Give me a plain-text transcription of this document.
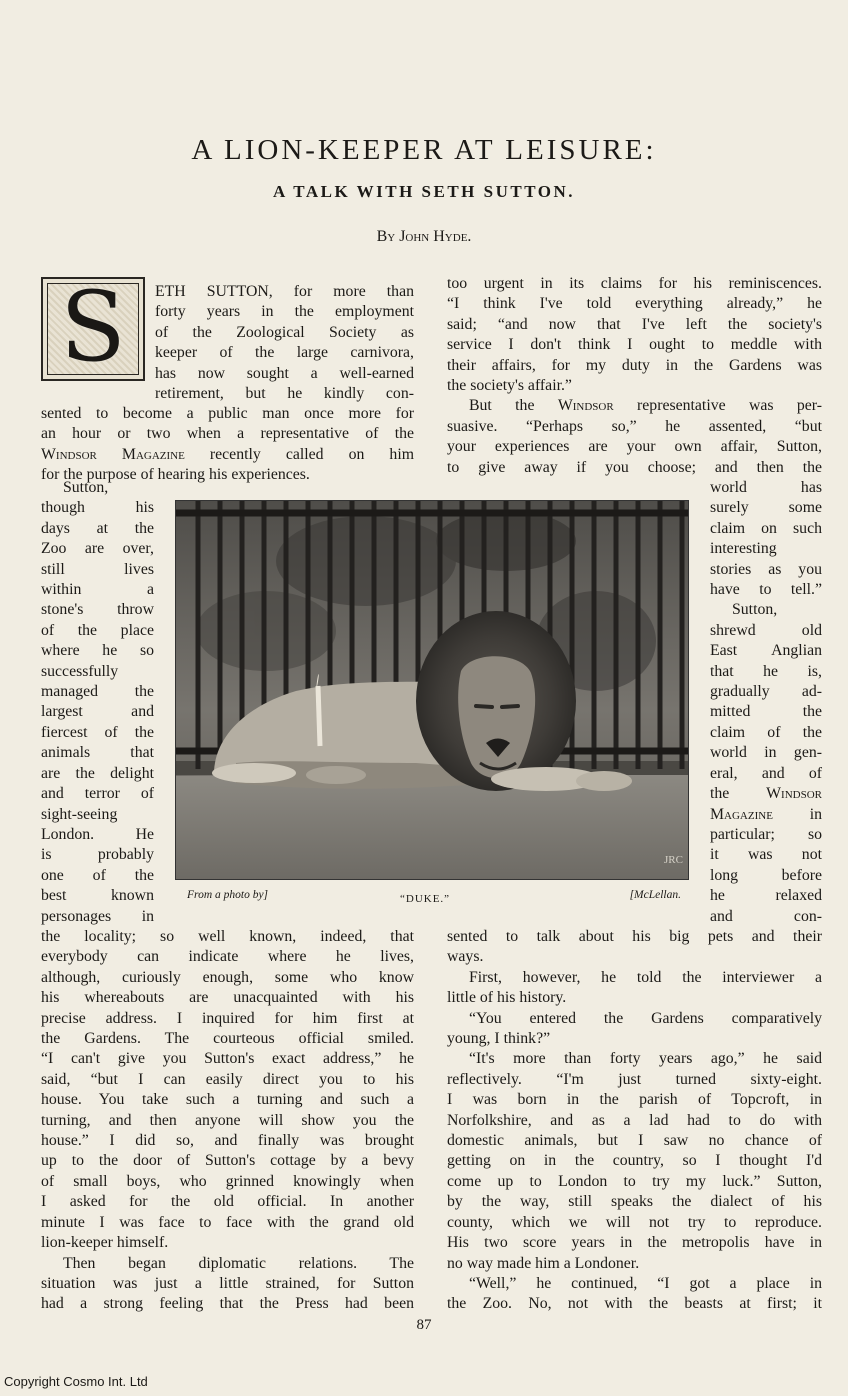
A LION-KEEPER AT LEISURE:
A TALK WITH SETH SUTTON.
By John Hyde.
S	ETH SUTTON, for more than
forty years in the employment
of the Zoological Society as
keeper of the large carnivora,
has now sought a well-earned
retirement, but he kindly con-
sented to become a public man once more for
an hour or two when a representative of the
Windsor Magazine recently called on him
for the purpose of hearing his experiences.
Sutton,
though his
days at the
Zoo are over,
still lives
within a
stone's throw
of the place
where he so
successfully
managed the
largest and
fiercest of the
animals that
are the delight
and terror of
sight-seeing
London. He
is probably
one of the
best known
personages in
the locality; so well known, indeed, that
everybody can indicate where he lives,
although, curiously enough, some who know
his whereabouts are unacquainted with his
precise address. I inquired for him first at
the Gardens. The courteous official smiled.
“I can't give you Sutton's exact address,” he
said, “but I can easily direct you to his
house. You take such a turning and such a
turning, and then anyone will show you the
house.” I did so, and finally was brought
up to the door of Sutton's cottage by a bevy
of small boys, who grinned knowingly when
I asked for the old official. In another
minute I was face to face with the grand old
lion-keeper himself.
Then began diplomatic relations. The
situation was just a little strained, for Sutton
had a strong feeling that the Press had been
too urgent in its claims for his reminiscences.
“I think I've told everything already,” he
said; “and now that I've left the society's
service I don't think I ought to meddle with
their affairs, for my duty in the Gardens was
the society's affair.”
But the Windsor representative was per-
suasive. “Perhaps so,” he assented, “but
your experiences are your own affair, Sutton,
to give away if you choose; and then the
world has
surely some
claim on such
interesting
stories as you
have to tell.”
Sutton,
shrewd old
East Anglian
that he is,
gradually ad-
mitted the
claim of the
world in gen-
eral, and of
the Windsor
Magazine in
particular; so
it was not
long before
he relaxed
and con-
sented to talk about his big pets and their
ways.
First, however, he told the interviewer a
little of his history.
“You entered the Gardens comparatively
young, I think?”
“It's more than forty years ago,” he said
reflectively. “I'm just turned sixty-eight.
I was born in the parish of Topcroft, in
Norfolkshire, and as a lad had to do with
domestic animals, but I saw no chance of
getting on in the country, so I thought I'd
come up to London to try my luck.” Sutton,
by the way, still speaks the dialect of his
county, which we will not try to reproduce.
His two score years in the metropolis have in
no way made him a Londoner.
“Well,” he continued, “I got a place in
the Zoo. No, not with the beasts at first; it
JRC
From a photo by]	“DUKE.”	[McLellan.
87
Copyright Cosmo Int. Ltd
